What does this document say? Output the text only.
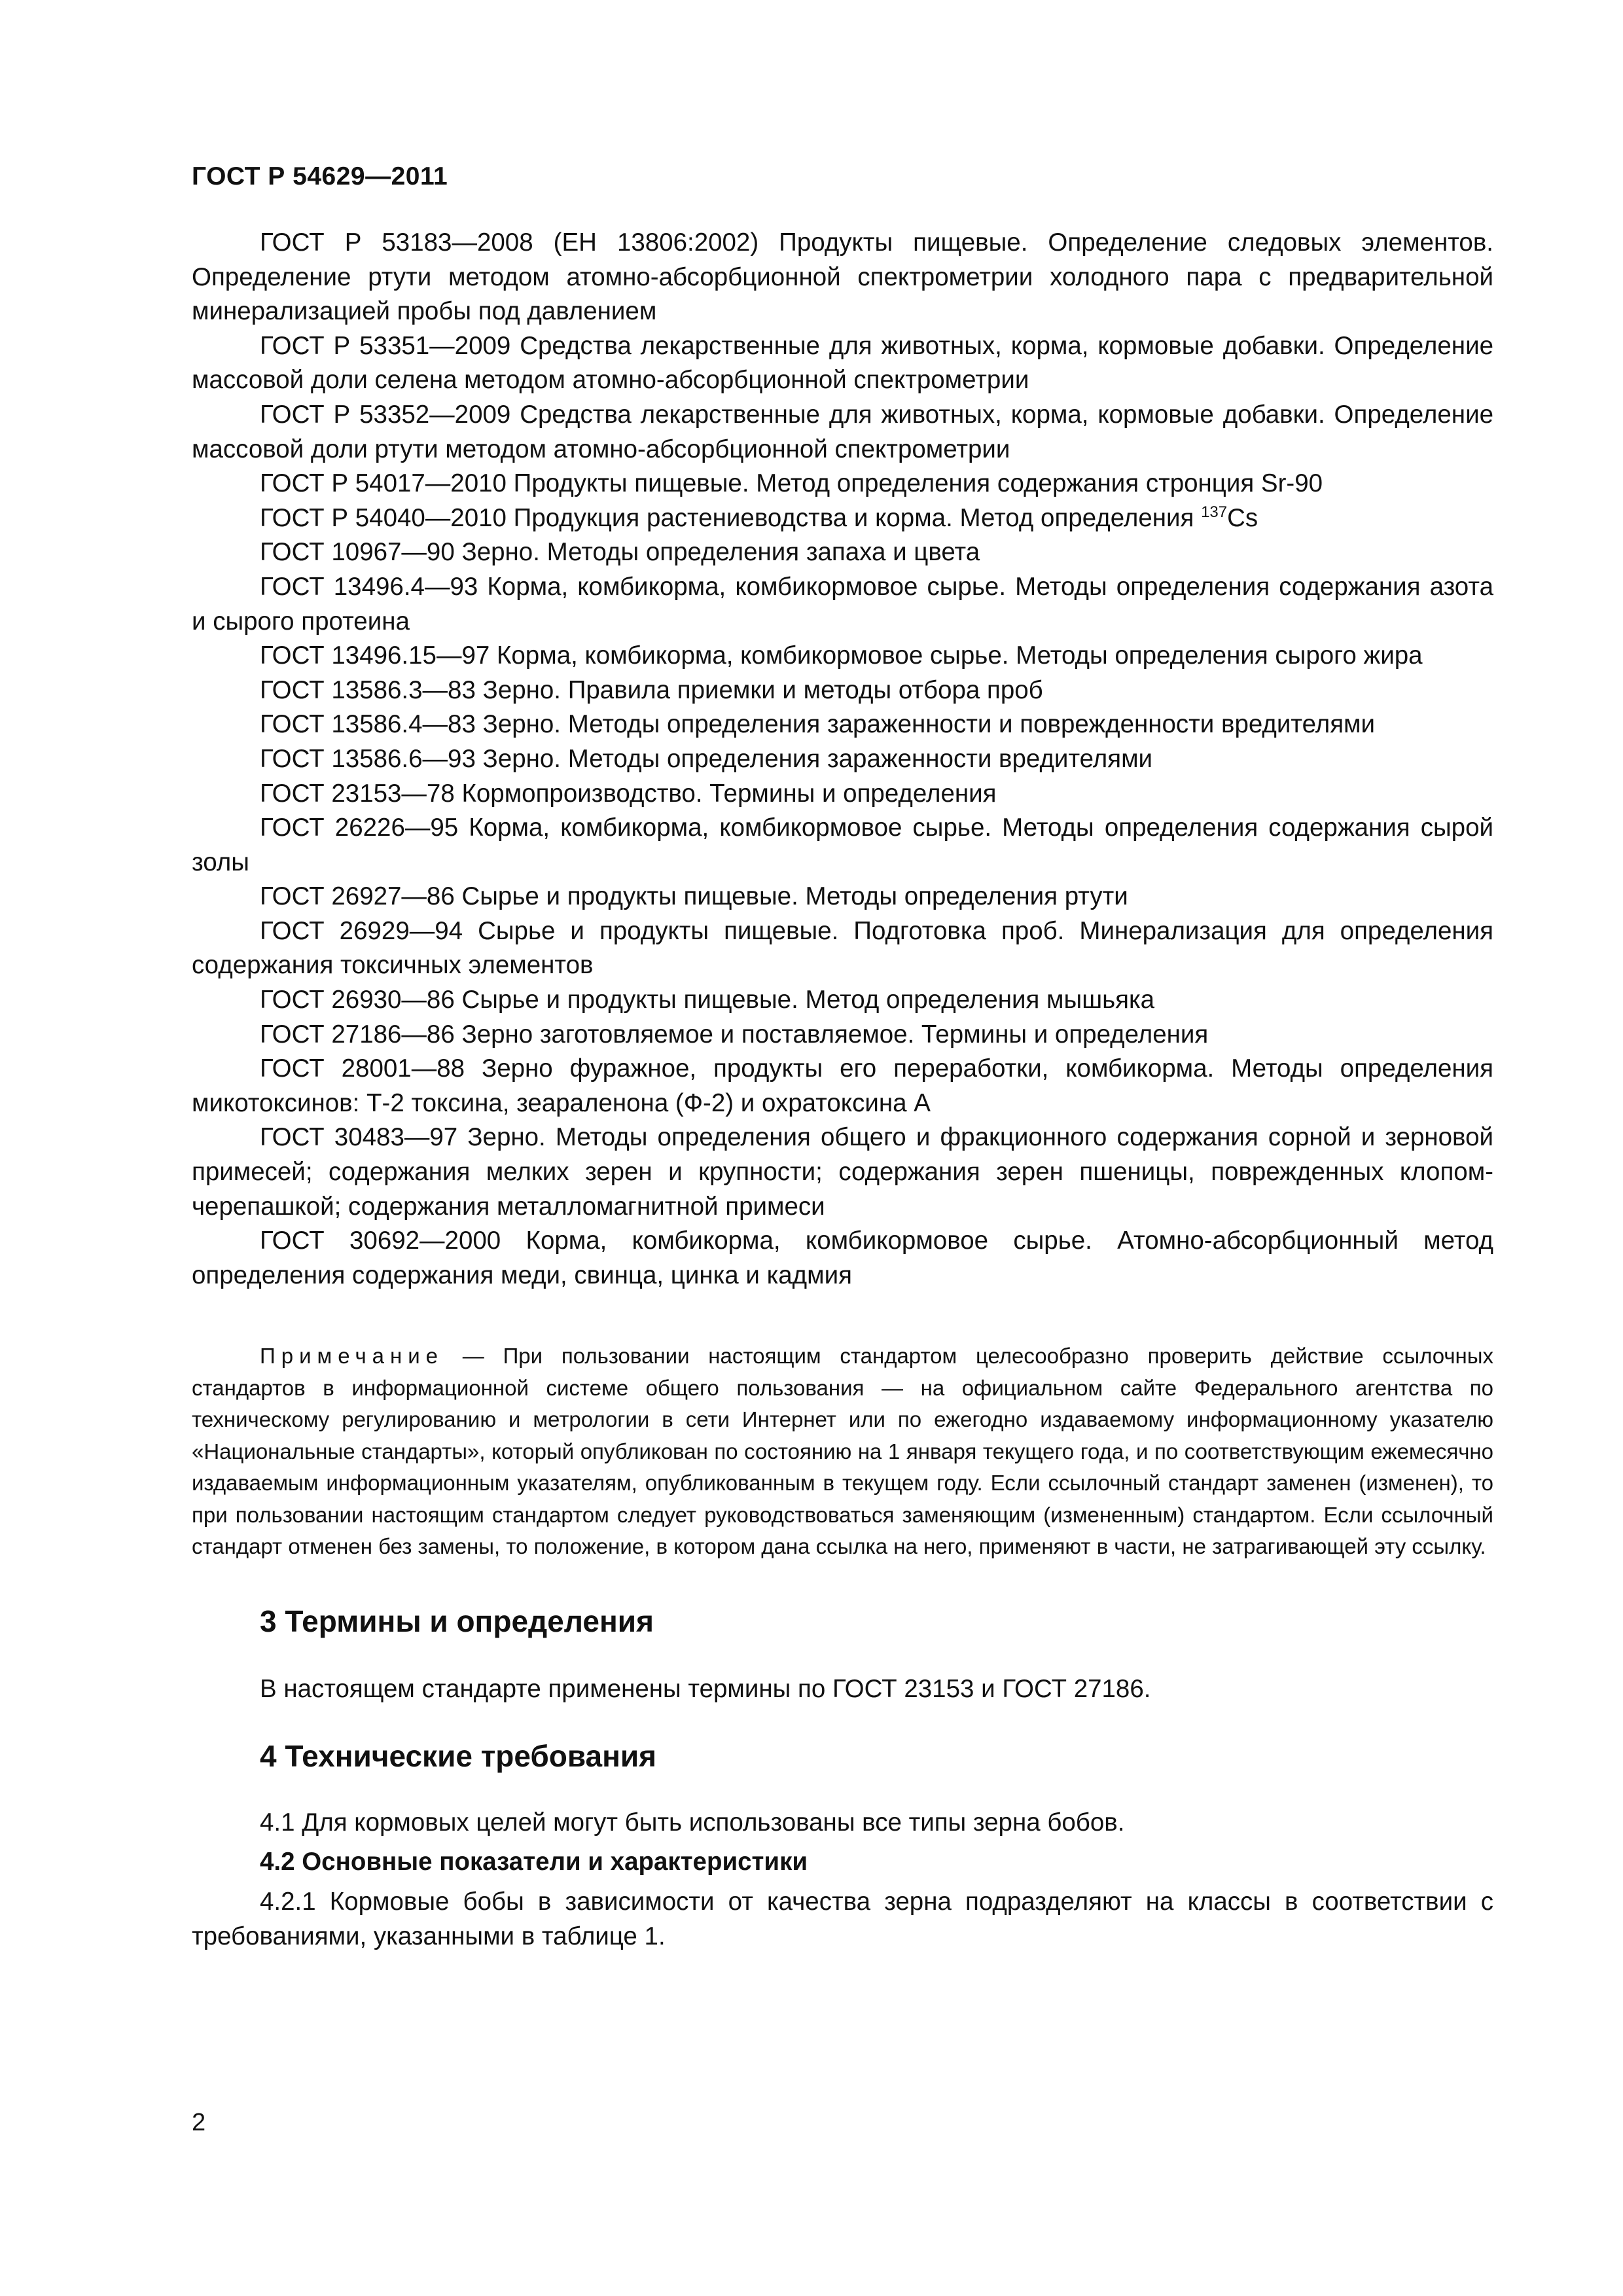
ГОСТ Р 54629—2011

ГОСТ Р 53183—2008 (ЕН 13806:2002) Продукты пищевые. Определение следовых элементов. Определение ртути методом атомно-абсорбционной спектрометрии холодного пара с предварительной минерализацией пробы под давлением

ГОСТ Р 53351—2009 Средства лекарственные для животных, корма, кормовые добавки. Определение массовой доли селена методом атомно-абсорбционной спектрометрии

ГОСТ Р 53352—2009 Средства лекарственные для животных, корма, кормовые добавки. Определение массовой доли ртути методом атомно-абсорбционной спектрометрии

ГОСТ Р 54017—2010 Продукты пищевые. Метод определения содержания стронция Sr-90

ГОСТ Р 54040—2010 Продукция растениеводства и корма. Метод определения $^{137}$Cs

ГОСТ 10967—90 Зерно. Методы определения запаха и цвета

ГОСТ 13496.4—93 Корма, комбикорма, комбикормовое сырье. Методы определения содержания азота и сырого протеина

ГОСТ 13496.15—97 Корма, комбикорма, комбикормовое сырье. Методы определения сырого жира

ГОСТ 13586.3—83 Зерно. Правила приемки и методы отбора проб

ГОСТ 13586.4—83 Зерно. Методы определения зараженности и поврежденности вредителями

ГОСТ 13586.6—93 Зерно. Методы определения зараженности вредителями

ГОСТ 23153—78 Кормопроизводство. Термины и определения

ГОСТ 26226—95 Корма, комбикорма, комбикормовое сырье. Методы определения содержания сырой золы

ГОСТ 26927—86 Сырье и продукты пищевые. Методы определения ртути

ГОСТ 26929—94 Сырье и продукты пищевые. Подготовка проб. Минерализация для определения содержания токсичных элементов

ГОСТ 26930—86 Сырье и продукты пищевые. Метод определения мышьяка

ГОСТ 27186—86 Зерно заготовляемое и поставляемое. Термины и определения

ГОСТ 28001—88 Зерно фуражное, продукты его переработки, комбикорма. Методы определения микотоксинов: Т-2 токсина, зеараленона (Ф-2) и охратоксина А

ГОСТ 30483—97 Зерно. Методы определения общего и фракционного содержания сорной и зерновой примесей; содержания мелких зерен и крупности; содержания зерен пшеницы, поврежденных клопом-черепашкой; содержания металломагнитной примеси

ГОСТ 30692—2000 Корма, комбикорма, комбикормовое сырье. Атомно-абсорбционный метод определения содержания меди, свинца, цинка и кадмия

Примечание — При пользовании настоящим стандартом целесообразно проверить действие ссылочных стандартов в информационной системе общего пользования — на официальном сайте Федерального агентства по техническому регулированию и метрологии в сети Интернет или по ежегодно издаваемому информационному указателю «Национальные стандарты», который опубликован по состоянию на 1 января текущего года, и по соответствующим ежемесячно издаваемым информационным указателям, опубликованным в текущем году. Если ссылочный стандарт заменен (изменен), то при пользовании настоящим стандартом следует руководствоваться заменяющим (измененным) стандартом. Если ссылочный стандарт отменен без замены, то положение, в котором дана ссылка на него, применяют в части, не затрагивающей эту ссылку.

3 Термины и определения
В настоящем стандарте применены термины по ГОСТ 23153 и ГОСТ 27186.
4 Технические требования
4.1 Для кормовых целей могут быть использованы все типы зерна бобов.
4.2 Основные показатели и характеристики

4.2.1 Кормовые бобы в зависимости от качества зерна подразделяют на классы в соответствии с требованиями, указанными в таблице 1.

2
